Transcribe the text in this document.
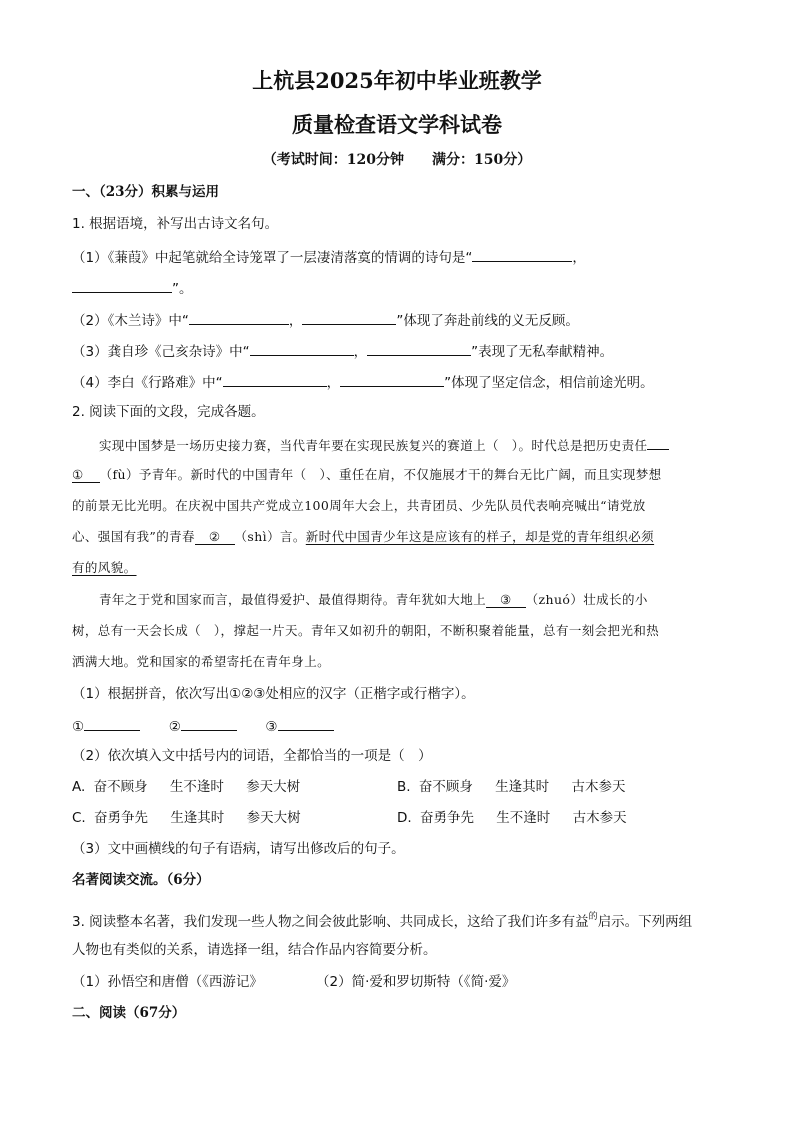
上杭县2025年初中毕业班教学
质量检查语文学科试卷
（考试时间：120分钟　　满分：150分）
一、（23分）积累与运用
1. 根据语境，补写出古诗文名句。
（1）《蒹葭》中起笔就给全诗笼罩了一层凄清落寞的情调的诗句是“	，
”。
（2）《木兰诗》中“	，	”体现了奔赴前线的义无反顾。
（3）龚自珍《己亥杂诗》中“	，	”表现了无私奉献精神。
（4）李白《行路难》中“	，	”体现了坚定信念，相信前途光明。
2. 阅读下面的文段，完成各题。
实现中国梦是一场历史接力赛，当代青年要在实现民族复兴的赛道上（　）。时代总是把历史责任
① （fù）予青年。新时代的中国青年（　）、重任在肩，不仅施展才干的舞台无比广阔，而且实现梦想
的前景无比光明。在庆祝中国共产党成立100周年大会上，共青团员、少先队员代表响亮喊出“请党放
心、强国有我”的青春 ② （shì）言。新时代中国青少年这是应该有的样子，却是党的青年组织必须
有的风貌。
青年之于党和国家而言，最值得爱护、最值得期待。青年犹如大地上 ③ （zhuó）壮成长的小
树，总有一天会长成（　），撑起一片天。青年又如初升的朝阳，不断积聚着能量，总有一刻会把光和热
洒满大地。党和国家的希望寄托在青年身上。
（1）根据拼音，依次写出①②③处相应的汉字（正楷字或行楷字）。
①	②	③
（2）依次填入文中括号内的词语，全都恰当的一项是（　）
A. 奋不顾身 生不逢时 参天大树	B. 奋不顾身 生逢其时 古木参天
C. 奋勇争先 生逢其时 参天大树	D. 奋勇争先 生不逢时 古木参天
（3）文中画横线的句子有语病，请写出修改后的句子。
名著阅读交流。（6分）
3. 阅读整本名著，我们发现一些人物之间会彼此影响、共同成长，这给了我们许多有益$^的$启示。下列两组
人物也有类似的关系，请选择一组，结合作品内容简要分析。
（1）孙悟空和唐僧（《西游记》	（2）简·爱和罗切斯特（《简·爱》
二、阅读（67分）
